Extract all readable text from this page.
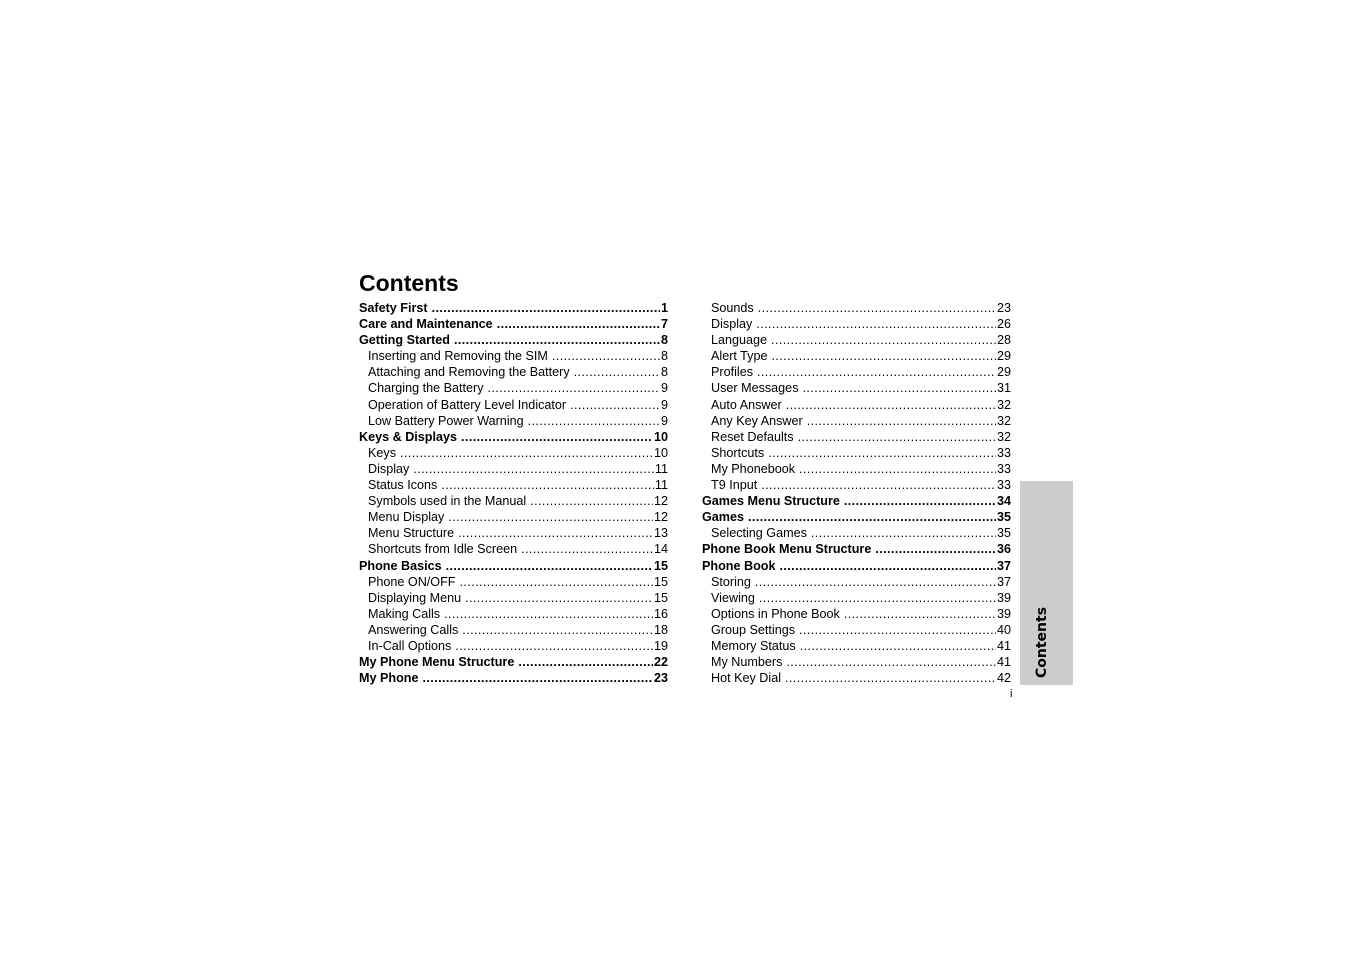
Contents
Safety First .....	1
Care and Maintenance .....	7
Getting Started .....	8
Inserting and Removing the SIM .....	8
Attaching and Removing the Battery .....	8
Charging the Battery .....	9
Operation of Battery Level Indicator .....	9
Low Battery Power Warning .....	9
Keys & Displays .....	10
Keys .....	10
Display .....	11
Status Icons .....	11
Symbols used in the Manual .....	12
Menu Display .....	12
Menu Structure .....	13
Shortcuts from Idle Screen .....	14
Phone Basics .....	15
Phone ON/OFF .....	15
Displaying Menu .....	15
Making Calls .....	16
Answering Calls .....	18
In-Call Options .....	19
My Phone Menu Structure .....	22
My Phone .....	23
Sounds .....	23
Display .....	26
Language .....	28
Alert Type .....	29
Profiles .....	29
User Messages .....	31
Auto Answer .....	32
Any Key Answer .....	32
Reset Defaults .....	32
Shortcuts .....	33
My Phonebook .....	33
T9 Input .....	33
Games Menu Structure .....	34
Games .....	35
Selecting Games .....	35
Phone Book Menu Structure .....	36
Phone Book .....	37
Storing .....	37
Viewing .....	39
Options in Phone Book .....	39
Group Settings .....	40
Memory Status .....	41
My Numbers .....	41
Hot Key Dial .....	42
Contents
i
